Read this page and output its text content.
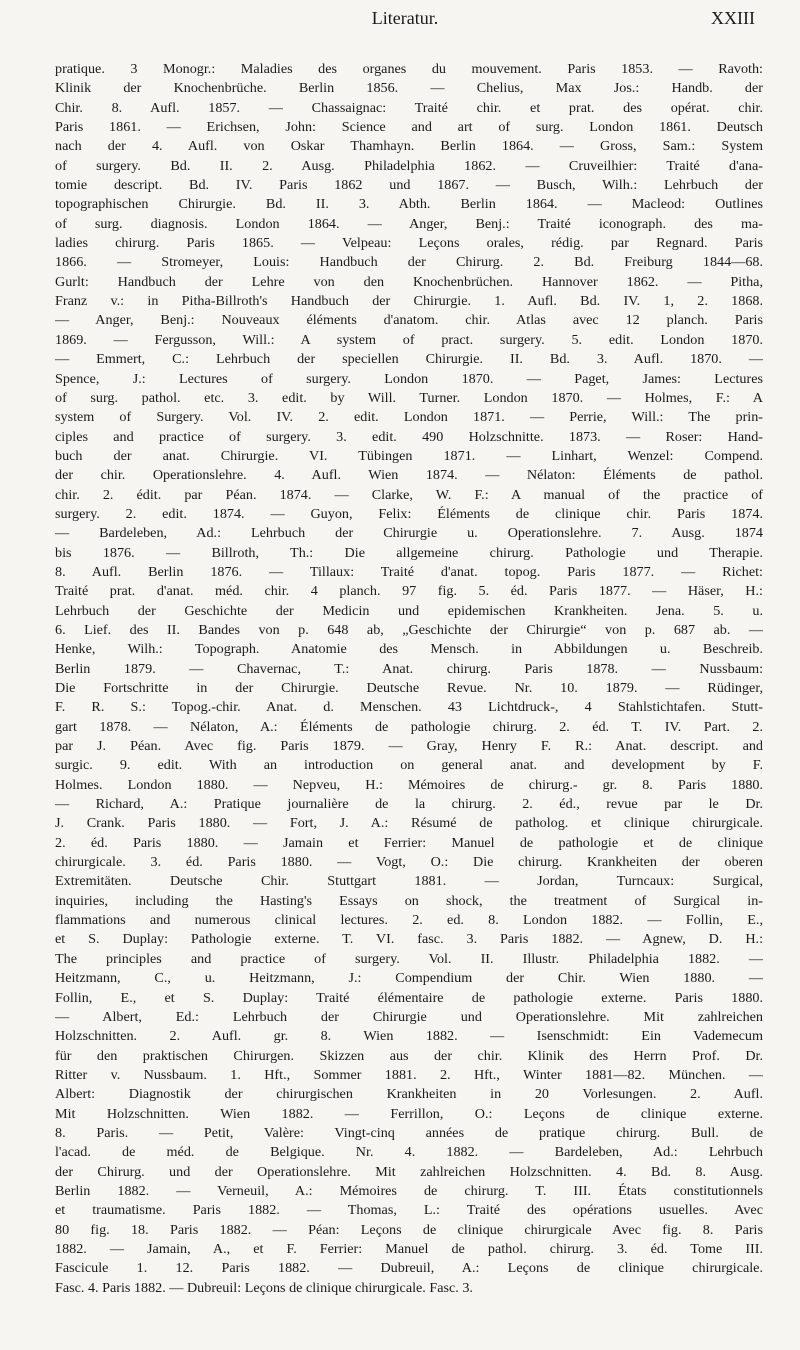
Literatur.	XXIII
pratique. 3 Monogr.: Maladies des organes du mouvement. Paris 1853. — Ravoth:
Klinik der Knochenbrüche. Berlin 1856. — Chelius, Max Jos.: Handb. der
Chir. 8. Aufl. 1857. — Chassaignac: Traité chir. et prat. des opérat. chir.
Paris 1861. — Erichsen, John: Science and art of surg. London 1861. Deutsch
nach der 4. Aufl. von Oskar Thamhayn. Berlin 1864. — Gross, Sam.: System
of surgery. Bd. II. 2. Ausg. Philadelphia 1862. — Cruveilhier: Traité d'ana-
tomie descript. Bd. IV. Paris 1862 und 1867. — Busch, Wilh.: Lehrbuch der
topographischen Chirurgie. Bd. II. 3. Abth. Berlin 1864. — Macleod: Outlines
of surg. diagnosis. London 1864. — Anger, Benj.: Traité iconograph. des ma-
ladies chirurg. Paris 1865. — Velpeau: Leçons orales, rédig. par Regnard. Paris
1866. — Stromeyer, Louis: Handbuch der Chirurg. 2. Bd. Freiburg 1844—68.
Gurlt: Handbuch der Lehre von den Knochenbrüchen. Hannover 1862. — Pitha,
Franz v.: in Pitha-Billroth's Handbuch der Chirurgie. 1. Aufl. Bd. IV. 1, 2. 1868.
— Anger, Benj.: Nouveaux éléments d'anatom. chir. Atlas avec 12 planch. Paris
1869. — Fergusson, Will.: A system of pract. surgery. 5. edit. London 1870.
— Emmert, C.: Lehrbuch der speciellen Chirurgie. II. Bd. 3. Aufl. 1870. —
Spence, J.: Lectures of surgery. London 1870. — Paget, James: Lectures
of surg. pathol. etc. 3. edit. by Will. Turner. London 1870. — Holmes, F.: A
system of Surgery. Vol. IV. 2. edit. London 1871. — Perrie, Will.: The prin-
ciples and practice of surgery. 3. edit. 490 Holzschnitte. 1873. — Roser: Hand-
buch der anat. Chirurgie. VI. Tübingen 1871. — Linhart, Wenzel: Compend.
der chir. Operationslehre. 4. Aufl. Wien 1874. — Nélaton: Éléments de pathol.
chir. 2. édit. par Péan. 1874. — Clarke, W. F.: A manual of the practice of
surgery. 2. edit. 1874. — Guyon, Felix: Éléments de clinique chir. Paris 1874.
— Bardeleben, Ad.: Lehrbuch der Chirurgie u. Operationslehre. 7. Ausg. 1874
bis 1876. — Billroth, Th.: Die allgemeine chirurg. Pathologie und Therapie.
8. Aufl. Berlin 1876. — Tillaux: Traité d'anat. topog. Paris 1877. — Richet:
Traité prat. d'anat. méd. chir. 4 planch. 97 fig. 5. éd. Paris 1877. — Häser, H.:
Lehrbuch der Geschichte der Medicin und epidemischen Krankheiten. Jena. 5. u.
6. Lief. des II. Bandes von p. 648 ab, „Geschichte der Chirurgie“ von p. 687 ab. —
Henke, Wilh.: Topograph. Anatomie des Mensch. in Abbildungen u. Beschreib.
Berlin 1879. — Chavernac, T.: Anat. chirurg. Paris 1878. — Nussbaum:
Die Fortschritte in der Chirurgie. Deutsche Revue. Nr. 10. 1879. — Rüdinger,
F. R. S.: Topog.-chir. Anat. d. Menschen. 43 Lichtdruck-, 4 Stahlstichtafen. Stutt-
gart 1878. — Nélaton, A.: Éléments de pathologie chirurg. 2. éd. T. IV. Part. 2.
par J. Péan. Avec fig. Paris 1879. — Gray, Henry F. R.: Anat. descript. and
surgic. 9. edit. With an introduction on general anat. and development by F.
Holmes. London 1880. — Nepveu, H.: Mémoires de chirurg.- gr. 8. Paris 1880.
— Richard, A.: Pratique journalière de la chirurg. 2. éd., revue par le Dr.
J. Crank. Paris 1880. — Fort, J. A.: Résumé de patholog. et clinique chirurgicale.
2. éd. Paris 1880. — Jamain et Ferrier: Manuel de pathologie et de clinique
chirurgicale. 3. éd. Paris 1880. — Vogt, O.: Die chirurg. Krankheiten der oberen
Extremitäten. Deutsche Chir. Stuttgart 1881. — Jordan, Turncaux: Surgical,
inquiries, including the Hasting's Essays on shock, the treatment of Surgical in-
flammations and numerous clinical lectures. 2. ed. 8. London 1882. — Follin, E.,
et S. Duplay: Pathologie externe. T. VI. fasc. 3. Paris 1882. — Agnew, D. H.:
The principles and practice of surgery. Vol. II. Illustr. Philadelphia 1882. —
Heitzmann, C., u. Heitzmann, J.: Compendium der Chir. Wien 1880. —
Follin, E., et S. Duplay: Traité élémentaire de pathologie externe. Paris 1880.
— Albert, Ed.: Lehrbuch der Chirurgie und Operationslehre. Mit zahlreichen
Holzschnitten. 2. Aufl. gr. 8. Wien 1882. — Isenschmidt: Ein Vademecum
für den praktischen Chirurgen. Skizzen aus der chir. Klinik des Herrn Prof. Dr.
Ritter v. Nussbaum. 1. Hft., Sommer 1881. 2. Hft., Winter 1881—82. München. —
Albert: Diagnostik der chirurgischen Krankheiten in 20 Vorlesungen. 2. Aufl.
Mit Holzschnitten. Wien 1882. — Ferrillon, O.: Leçons de clinique externe.
8. Paris. — Petit, Valère: Vingt-cinq années de pratique chirurg. Bull. de
l'acad. de méd. de Belgique. Nr. 4. 1882. — Bardeleben, Ad.: Lehrbuch
der Chirurg. und der Operationslehre. Mit zahlreichen Holzschnitten. 4. Bd. 8. Ausg.
Berlin 1882. — Verneuil, A.: Mémoires de chirurg. T. III. États constitutionnels
et traumatisme. Paris 1882. — Thomas, L.: Traité des opérations usuelles. Avec
80 fig. 18. Paris 1882. — Péan: Leçons de clinique chirurgicale Avec fig. 8. Paris
1882. — Jamain, A., et F. Ferrier: Manuel de pathol. chirurg. 3. éd. Tome III.
Fascicule 1. 12. Paris 1882. — Dubreuil, A.: Leçons de clinique chirurgicale.
Fasc. 4. Paris 1882. — Dubreuil: Leçons de clinique chirurgicale. Fasc. 3.
